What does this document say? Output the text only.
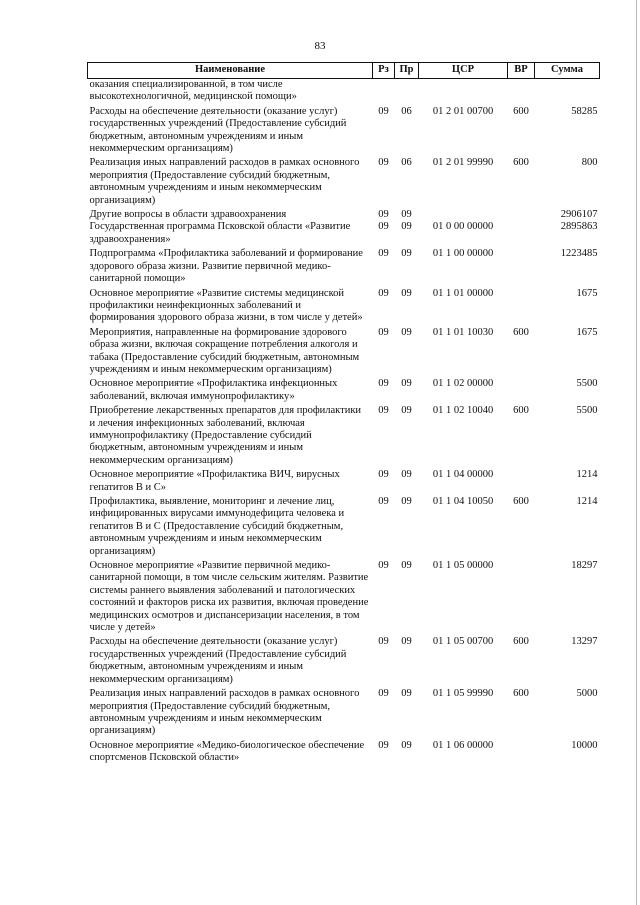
83
Наименование	Рз	Пр	ЦСР	ВР	Сумма
оказания специализированной, в том числе высокотехнологичной, медицинской помощи»					
Расходы на обеспечение деятельности (оказание услуг) государственных учреждений (Предоставление субсидий бюджетным, автономным учреждениям и иным некоммерческим организациям)	09	06	01 2 01 00700	600	58285
Реализация иных направлений расходов в рамках основного мероприятия (Предоставление субсидий бюджетным, автономным учреждениям и иным некоммерческим организациям)	09	06	01 2 01 99990	600	800
Другие вопросы в области здравоохранения	09	09			2906107
Государственная программа Псковской области «Развитие здравоохранения»	09	09	01 0 00 00000		2895863
Подпрограмма «Профилактика заболеваний и формирование здорового образа жизни. Развитие первичной медико-санитарной помощи»	09	09	01 1 00 00000		1223485
Основное мероприятие «Развитие системы медицинской профилактики неинфекционных заболеваний и формирования здорового образа жизни, в том числе у детей»	09	09	01 1 01 00000		1675
Мероприятия, направленные на формирование здорового образа жизни, включая сокращение потребления алкоголя и табака (Предоставление субсидий бюджетным, автономным учреждениям и иным некоммерческим организациям)	09	09	01 1 01 10030	600	1675
Основное мероприятие «Профилактика инфекционных заболеваний, включая иммунопрофилактику»	09	09	01 1 02 00000		5500
Приобретение лекарственных препаратов для профилактики и лечения инфекционных заболеваний, включая иммунопрофилактику (Предоставление субсидий бюджетным, автономным учреждениям и иным некоммерческим организациям)	09	09	01 1 02 10040	600	5500
Основное мероприятие «Профилактика ВИЧ, вирусных гепатитов В и С»	09	09	01 1 04 00000		1214
Профилактика, выявление, мониторинг и лечение лиц, инфицированных вирусами иммунодефицита человека и гепатитов В и С (Предоставление субсидий бюджетным, автономным учреждениям и иным некоммерческим организациям)	09	09	01 1 04 10050	600	1214
Основное мероприятие «Развитие первичной медико-санитарной помощи, в том числе сельским жителям. Развитие системы раннего выявления заболеваний и патологических состояний и факторов риска их развития, включая проведение медицинских осмотров и диспансеризации населения, в том числе у детей»	09	09	01 1 05 00000		18297
Расходы на обеспечение деятельности (оказание услуг) государственных учреждений (Предоставление субсидий бюджетным, автономным учреждениям и иным некоммерческим организациям)	09	09	01 1 05 00700	600	13297
Реализация иных направлений расходов в рамках основного мероприятия (Предоставление субсидий бюджетным, автономным учреждениям и иным некоммерческим организациям)	09	09	01 1 05 99990	600	5000
Основное мероприятие «Медико-биологическое обеспечение спортсменов Псковской области»	09	09	01 1 06 00000		10000
